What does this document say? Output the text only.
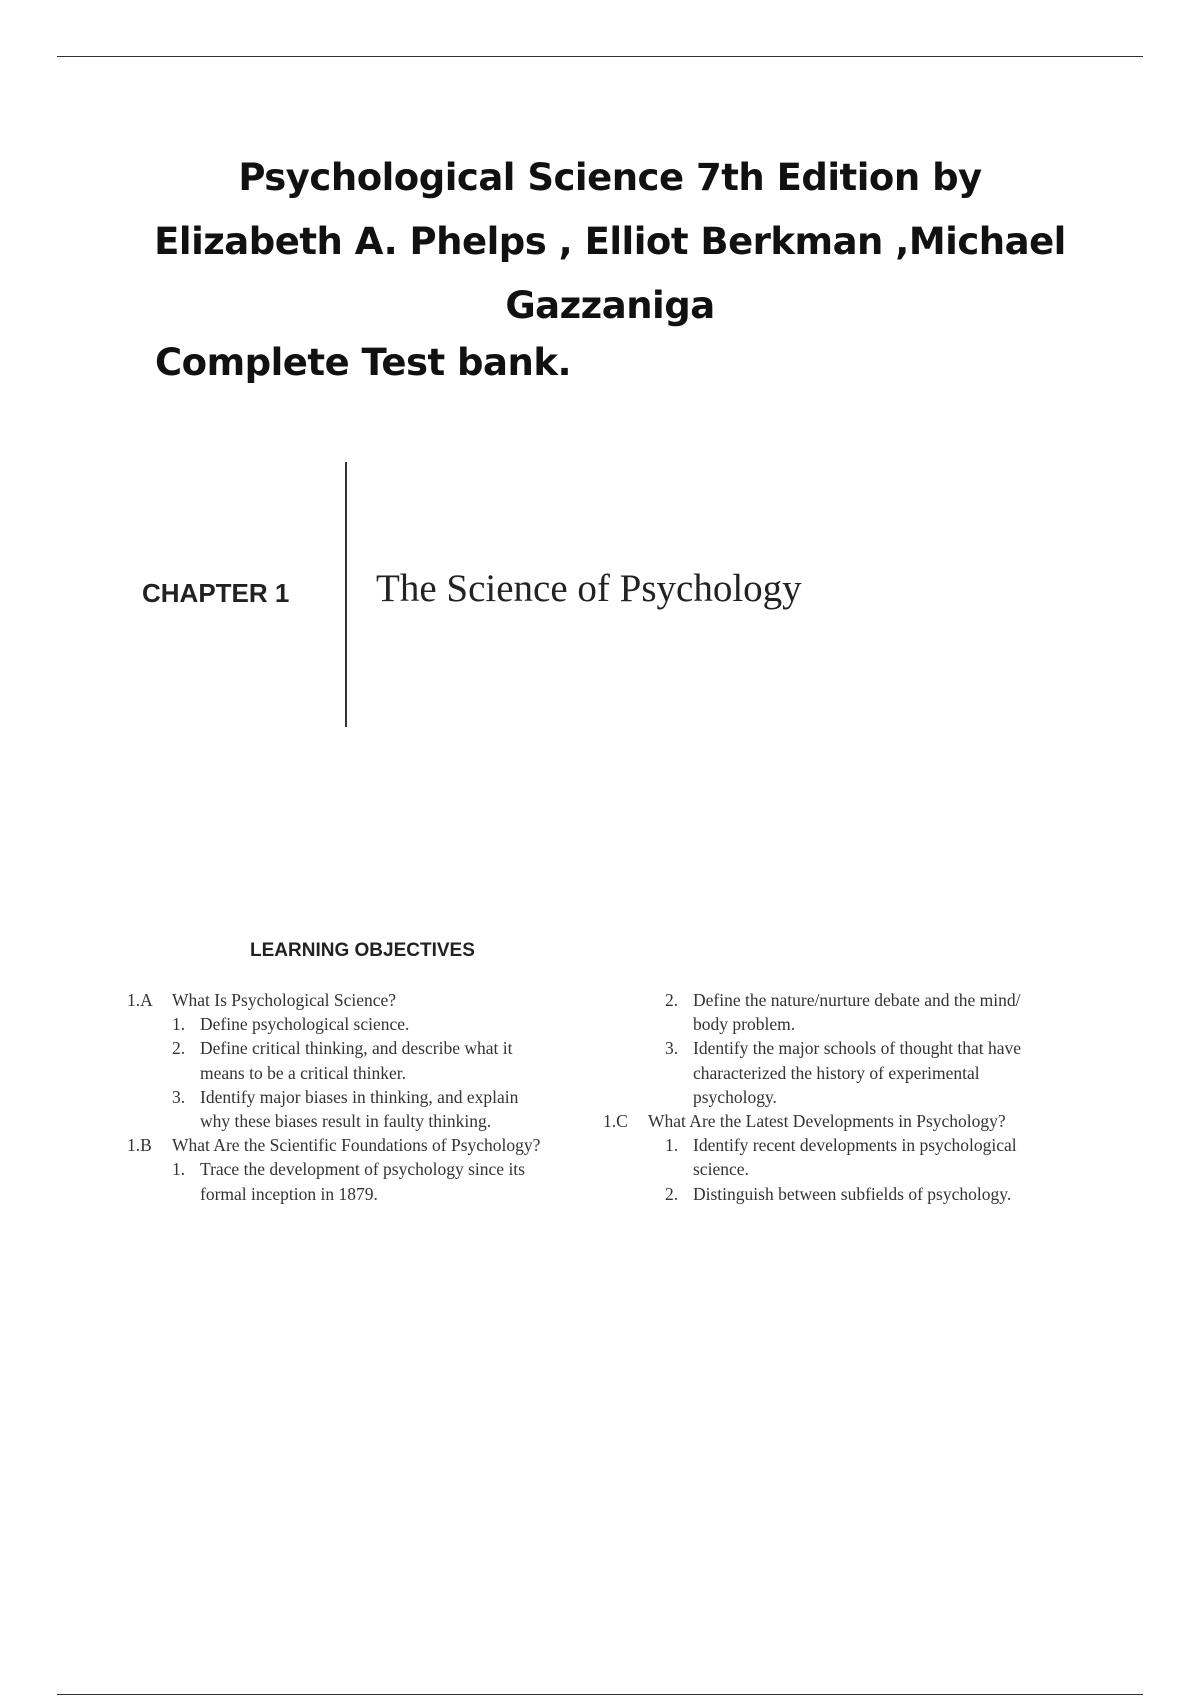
Psychological Science 7th Edition by
Elizabeth A. Phelps , Elliot Berkman ,Michael
Gazzaniga
Complete Test bank.
CHAPTER 1 The Science of Psychology
LEARNING OBJECTIVES
1.A What Is Psychological Science?
1. Define psychological science.
2. Define critical thinking, and describe what it
means to be a critical thinker.
3. Identify major biases in thinking, and explain
why these biases result in faulty thinking.
1.B What Are the Scientific Foundations of Psychology?
1. Trace the development of psychology since its
formal inception in 1879.
2. Define the nature/nurture debate and the mind/
body problem.
3. Identify the major schools of thought that have
characterized the history of experimental
psychology.
1.C What Are the Latest Developments in Psychology?
1. Identify recent developments in psychological
science.
2. Distinguish between subfields of psychology.
